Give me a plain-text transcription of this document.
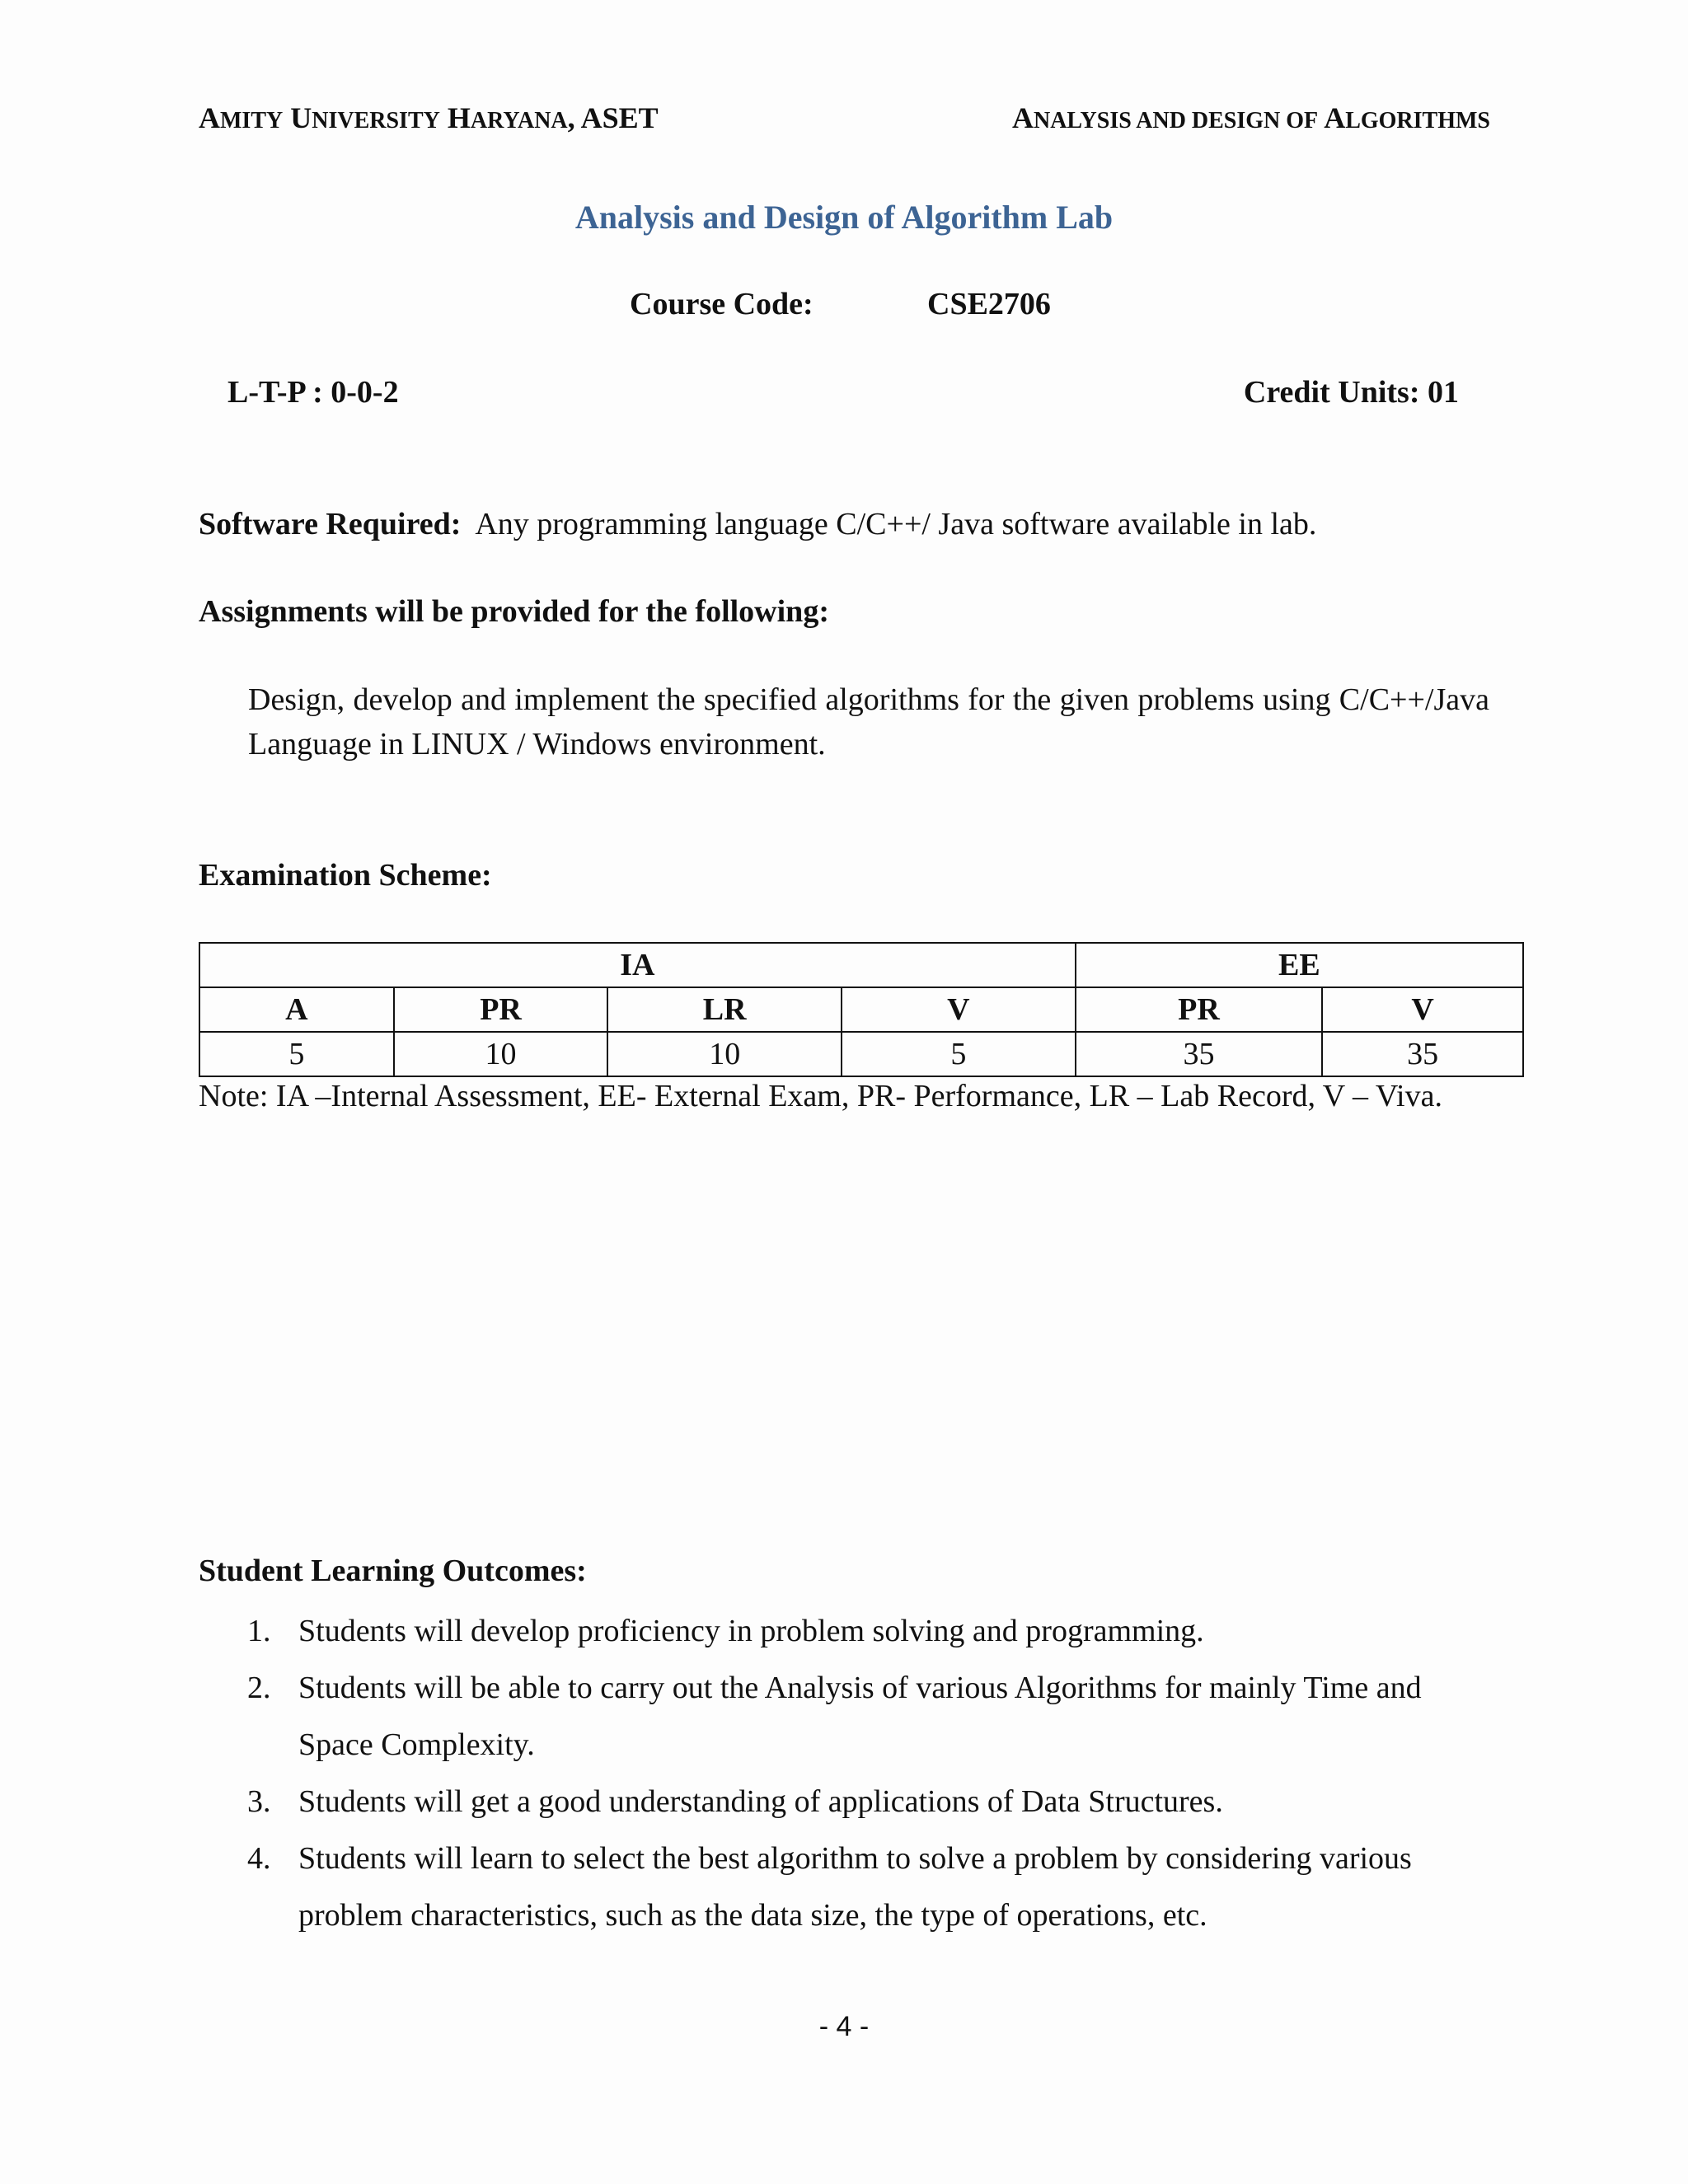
AMITY UNIVERSITY HARYANA, ASET	ANALYSIS AND DESIGN OF ALGORITHMS
Analysis and Design of Algorithm Lab
Course Code:	CSE2706
L-T-P : 0-0-2	Credit Units: 01
Software Required: Any programming language C/C++/ Java software available in lab.
Assignments will be provided for the following:
Design, develop and implement the specified algorithms for the given problems using C/C++/Java Language in LINUX / Windows environment.
Examination Scheme:
IA				EE	
A	PR	LR	V	PR	V
5	10	10	5	35	35
Note: IA –Internal Assessment, EE- External Exam, PR- Performance, LR – Lab Record, V – Viva.
Student Learning Outcomes:
1. Students will develop proficiency in problem solving and programming.
2. Students will be able to carry out the Analysis of various Algorithms for mainly Time and Space Complexity.
3. Students will get a good understanding of applications of Data Structures.
4. Students will learn to select the best algorithm to solve a problem by considering various problem characteristics, such as the data size, the type of operations, etc.
- 4 -
